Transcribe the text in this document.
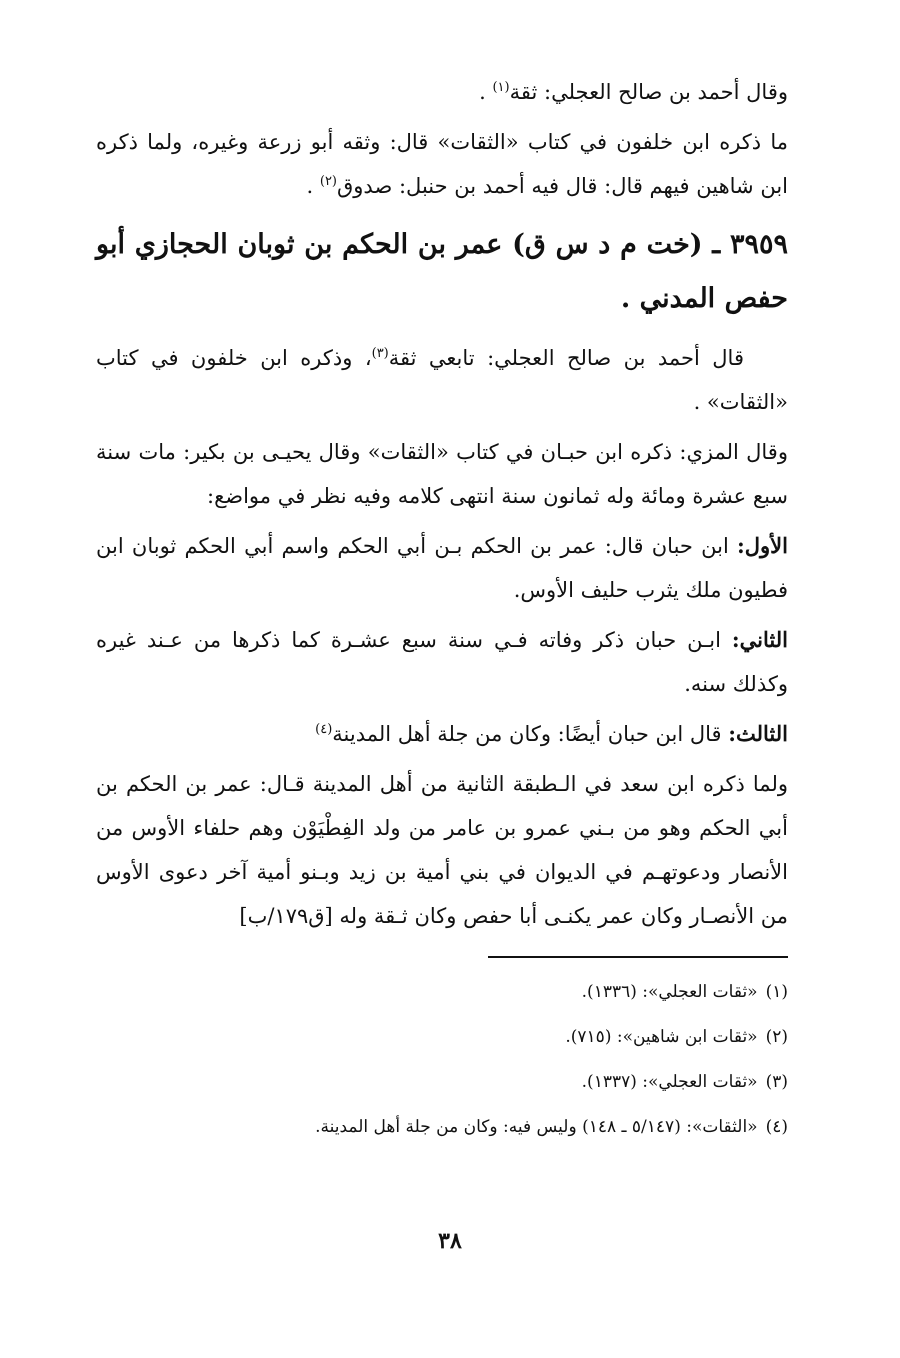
وقال أحمد بن صالح العجلي: ثقة$^{(١)}$ .

ما ذكره ابن خلفون في كتاب «الثقات» قال: وثقه أبو زرعة وغيره، ولما ذكره ابن شاهين فيهم قال: قال فيه أحمد بن حنبل: صدوق$^{(٢)}$ .

٣٩٥٩ ـ (خت م د س ق) عمر بن الحكم بن ثوبان الحجازي أبو حفص المدني .

قال أحمد بن صالح العجلي: تابعي ثقة$^{(٣)}$، وذكره ابن خلفون في كتاب «الثقات» .

وقال المزي: ذكره ابن حبـان في كتاب «الثقات» وقال يحيـى بن بكير: مات سنة سبع عشرة ومائة وله ثمانون سنة انتهى كلامه وفيه نظر في مواضع:

الأول: ابن حبان قال: عمر بن الحكم بـن أبي الحكم واسم أبي الحكم ثوبان ابن فطيون ملك يثرب حليف الأوس.

الثاني: ابـن حبان ذكر وفاته فـي سنة سبع عشـرة كما ذكرها من عـند غيره وكذلك سنه.

الثالث: قال ابن حبان أيضًا: وكان من جلة أهل المدينة$^{(٤)}$

ولما ذكره ابن سعد في الـطبقة الثانية من أهل المدينة قـال: عمر بن الحكم بن أبي الحكم وهو من بـني عمرو بن عامر من ولد الفِطْيَوْن وهم حلفاء الأوس من الأنصار ودعوتهـم في الديوان في بني أمية بن زيد وبـنو أمية آخر دعوى الأوس من الأنصـار وكان عمر يكنـى أبا حفص وكان ثـقة وله [ق١٧٩/ب]

(١)«ثقات العجلي»: (١٣٣٦).

(٢)«ثقات ابن شاهين»: (٧١٥).

(٣)«ثقات العجلي»: (١٣٣٧).

(٤)«الثقات»: (٥/١٤٧ ـ ١٤٨) وليس فيه: وكان من جلة أهل المدينة.

٣٨
